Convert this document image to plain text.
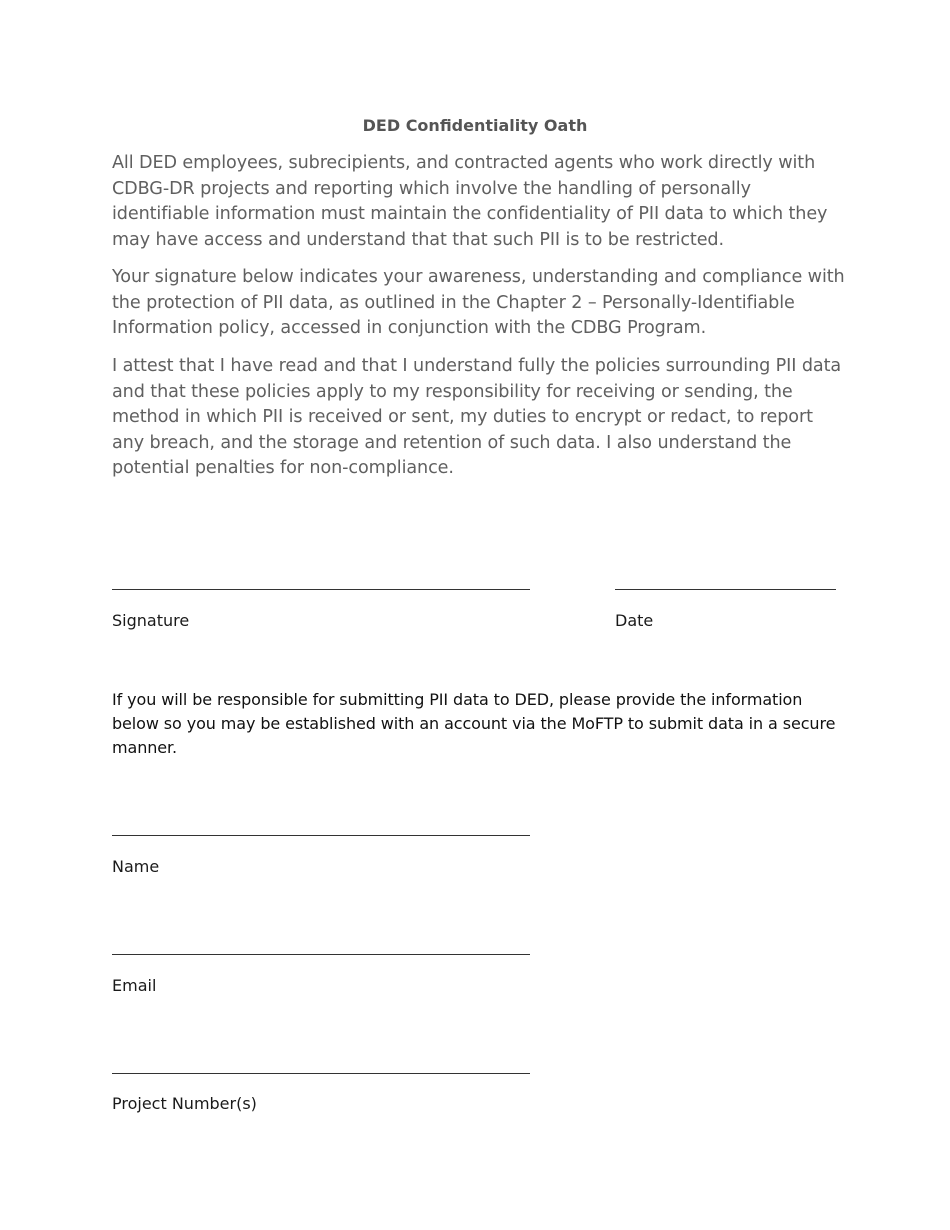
DED Confidentiality Oath

All DED employees, subrecipients, and contracted agents who work directly with CDBG-DR projects and reporting which involve the handling of personally identifiable information must maintain the confidentiality of PII data to which they may have access and understand that that such PII is to be restricted.

Your signature below indicates your awareness, understanding and compliance with the protection of PII data, as outlined in the Chapter 2 – Personally-Identifiable Information policy, accessed in conjunction with the CDBG Program.

I attest that I have read and that I understand fully the policies surrounding PII data and that these policies apply to my responsibility for receiving or sending, the method in which PII is received or sent, my duties to encrypt or redact, to report any breach, and the storage and retention of such data. I also understand the potential penalties for non-compliance.

Signature	Date

If you will be responsible for submitting PII data to DED, please provide the information below so you may be established with an account via the MoFTP to submit data in a secure manner.

Name
Email
Project Number(s)
